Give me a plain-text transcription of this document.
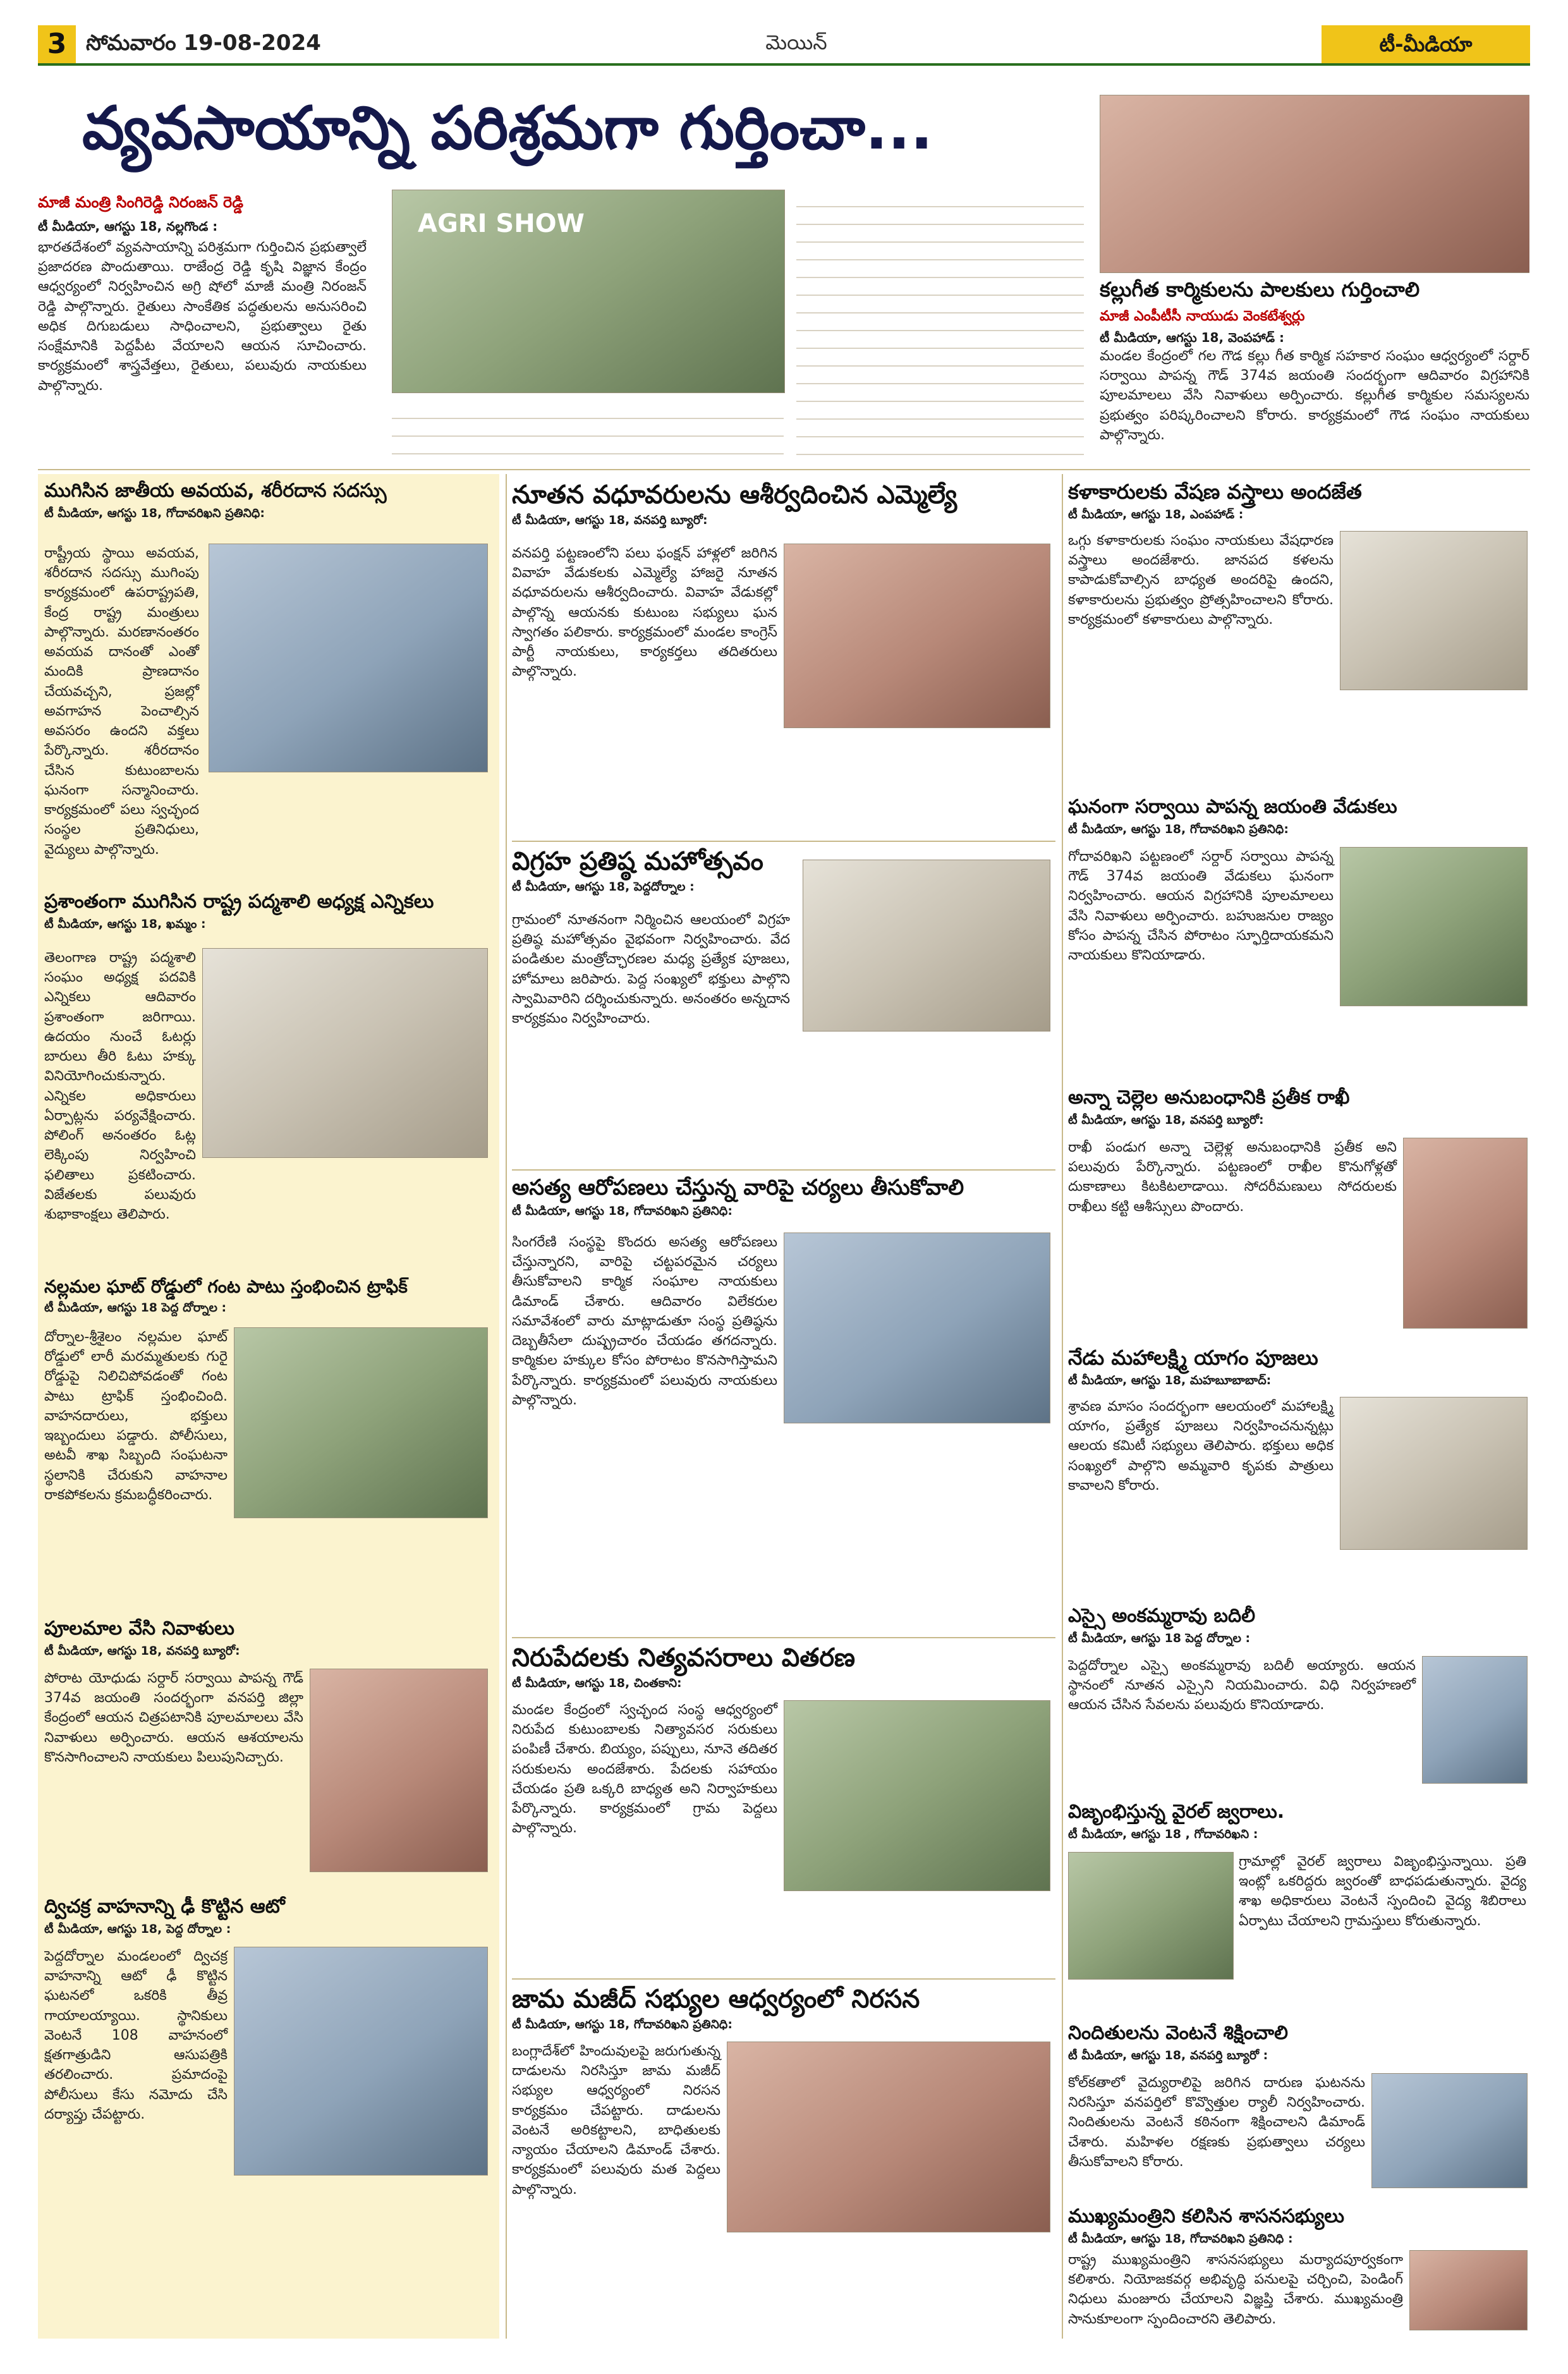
3 సోమవారం 19-08-2024	మెయిన్	టీ-మీడియా
వ్యవసాయాన్ని పరిశ్రమగా గుర్తించా...
మాజీ మంత్రి సింగిరెడ్డి నిరంజన్ రెడ్డి
టీ మీడియా, ఆగస్టు 18, నల్లగొండ :
భారతదేశంలో వ్యవసాయాన్ని పరిశ్రమగా గుర్తించిన ప్రభుత్వాలే ప్రజాదరణ పొందుతాయి. రాజేంద్ర రెడ్డి కృషి విజ్ఞాన కేంద్రం ఆధ్వర్యంలో నిర్వహించిన అగ్రి షోలో మాజీ మంత్రి నిరంజన్ రెడ్డి పాల్గొన్నారు. రైతులు సాంకేతిక పద్ధతులను అనుసరించి అధిక దిగుబడులు సాధించాలని, ప్రభుత్వాలు రైతు సంక్షేమానికి పెద్దపీట వేయాలని ఆయన సూచించారు. కార్యక్రమంలో శాస్త్రవేత్తలు, రైతులు, పలువురు నాయకులు పాల్గొన్నారు.
AGRI SHOW
కల్లుగీత కార్మికులను పాలకులు గుర్తించాలి
మాజీ ఎంపీటీసీ నాయుడు వెంకటేశ్వర్లు
టీ మీడియా, ఆగస్టు 18, వెంపహాడ్ :
మండల కేంద్రంలో గల గౌడ కల్లు గీత కార్మిక సహకార సంఘం ఆధ్వర్యంలో సర్దార్ సర్వాయి పాపన్న గౌడ్ 374వ జయంతి సందర్భంగా ఆదివారం విగ్రహానికి పూలమాలలు వేసి నివాళులు అర్పించారు. కల్లుగీత కార్మికుల సమస్యలను ప్రభుత్వం పరిష్కరించాలని కోరారు. కార్యక్రమంలో గౌడ సంఘం నాయకులు పాల్గొన్నారు.
ముగిసిన జాతీయ అవయవ, శరీరదాన సదస్సు
టీ మీడియా, ఆగస్టు 18, గోదావరిఖని ప్రతినిధి:
రాష్ట్రీయ స్థాయి అవయవ, శరీరదాన సదస్సు ముగింపు కార్యక్రమంలో ఉపరాష్ట్రపతి, కేంద్ర రాష్ట్ర మంత్రులు పాల్గొన్నారు. మరణానంతరం అవయవ దానంతో ఎంతో మందికి ప్రాణదానం చేయవచ్చని, ప్రజల్లో అవగాహన పెంచాల్సిన అవసరం ఉందని వక్తలు పేర్కొన్నారు. శరీరదానం చేసిన కుటుంబాలను ఘనంగా సన్మానించారు. కార్యక్రమంలో పలు స్వచ్ఛంద సంస్థల ప్రతినిధులు, వైద్యులు పాల్గొన్నారు.
ప్రశాంతంగా ముగిసిన రాష్ట్ర పద్మశాలి అధ్యక్ష ఎన్నికలు
టీ మీడియా, ఆగస్టు 18, ఖమ్మం :
తెలంగాణ రాష్ట్ర పద్మశాలి సంఘం అధ్యక్ష పదవికి ఎన్నికలు ఆదివారం ప్రశాంతంగా జరిగాయి. ఉదయం నుంచే ఓటర్లు బారులు తీరి ఓటు హక్కు వినియోగించుకున్నారు. ఎన్నికల అధికారులు ఏర్పాట్లను పర్యవేక్షించారు. పోలింగ్ అనంతరం ఓట్ల లెక్కింపు నిర్వహించి ఫలితాలు ప్రకటించారు. విజేతలకు పలువురు శుభాకాంక్షలు తెలిపారు.
నల్లమల ఘాట్ రోడ్డులో గంట పాటు స్తంభించిన ట్రాఫిక్
టీ మీడియా, ఆగస్టు 18 పెద్ద దోర్నాల :
దోర్నాల-శ్రీశైలం నల్లమల ఘాట్ రోడ్డులో లారీ మరమ్మతులకు గురై రోడ్డుపై నిలిచిపోవడంతో గంట పాటు ట్రాఫిక్ స్తంభించింది. వాహనదారులు, భక్తులు ఇబ్బందులు పడ్డారు. పోలీసులు, అటవీ శాఖ సిబ్బంది సంఘటనా స్థలానికి చేరుకుని వాహనాల రాకపోకలను క్రమబద్ధీకరించారు.
పూలమాల వేసి నివాళులు
టీ మీడియా, ఆగస్టు 18, వనపర్తి బ్యూరో:
పోరాట యోధుడు సర్దార్ సర్వాయి పాపన్న గౌడ్ 374వ జయంతి సందర్భంగా వనపర్తి జిల్లా కేంద్రంలో ఆయన చిత్రపటానికి పూలమాలలు వేసి నివాళులు అర్పించారు. ఆయన ఆశయాలను కొనసాగించాలని నాయకులు పిలుపునిచ్చారు.
ద్విచక్ర వాహనాన్ని ఢీ కొట్టిన ఆటో
టీ మీడియా, ఆగస్టు 18, పెద్ద దోర్నాల :
పెద్దదోర్నాల మండలంలో ద్విచక్ర వాహనాన్ని ఆటో ఢీ కొట్టిన ఘటనలో ఒకరికి తీవ్ర గాయాలయ్యాయి. స్థానికులు వెంటనే 108 వాహనంలో క్షతగాత్రుడిని ఆసుపత్రికి తరలించారు. ప్రమాదంపై పోలీసులు కేసు నమోదు చేసి దర్యాప్తు చేపట్టారు.
నూతన వధూవరులను ఆశీర్వదించిన ఎమ్మెల్యే
టీ మీడియా, ఆగస్టు 18, వనపర్తి బ్యూరో:
వనపర్తి పట్టణంలోని పలు ఫంక్షన్ హాళ్లలో జరిగిన వివాహ వేడుకలకు ఎమ్మెల్యే హాజరై నూతన వధూవరులను ఆశీర్వదించారు. వివాహ వేడుకల్లో పాల్గొన్న ఆయనకు కుటుంబ సభ్యులు ఘన స్వాగతం పలికారు. కార్యక్రమంలో మండల కాంగ్రెస్ పార్టీ నాయకులు, కార్యకర్తలు తదితరులు పాల్గొన్నారు.
విగ్రహ ప్రతిష్ఠ మహోత్సవం
టీ మీడియా, ఆగస్టు 18, పెద్దదోర్నాల :
గ్రామంలో నూతనంగా నిర్మించిన ఆలయంలో విగ్రహ ప్రతిష్ఠ మహోత్సవం వైభవంగా నిర్వహించారు. వేద పండితుల మంత్రోచ్ఛారణల మధ్య ప్రత్యేక పూజలు, హోమాలు జరిపారు. పెద్ద సంఖ్యలో భక్తులు పాల్గొని స్వామివారిని దర్శించుకున్నారు. అనంతరం అన్నదాన కార్యక్రమం నిర్వహించారు.
అసత్య ఆరోపణలు చేస్తున్న వారిపై చర్యలు తీసుకోవాలి
టీ మీడియా, ఆగస్టు 18, గోదావరిఖని ప్రతినిధి:
సింగరేణి సంస్థపై కొందరు అసత్య ఆరోపణలు చేస్తున్నారని, వారిపై చట్టపరమైన చర్యలు తీసుకోవాలని కార్మిక సంఘాల నాయకులు డిమాండ్ చేశారు. ఆదివారం విలేకరుల సమావేశంలో వారు మాట్లాడుతూ సంస్థ ప్రతిష్ఠను దెబ్బతీసేలా దుష్ప్రచారం చేయడం తగదన్నారు. కార్మికుల హక్కుల కోసం పోరాటం కొనసాగిస్తామని పేర్కొన్నారు. కార్యక్రమంలో పలువురు నాయకులు పాల్గొన్నారు.
నిరుపేదలకు నిత్యవసరాలు వితరణ
టీ మీడియా, ఆగస్టు 18, చింతకాని:
మండల కేంద్రంలో స్వచ్ఛంద సంస్థ ఆధ్వర్యంలో నిరుపేద కుటుంబాలకు నిత్యావసర సరుకులు పంపిణీ చేశారు. బియ్యం, పప్పులు, నూనె తదితర సరుకులను అందజేశారు. పేదలకు సహాయం చేయడం ప్రతి ఒక్కరి బాధ్యత అని నిర్వాహకులు పేర్కొన్నారు. కార్యక్రమంలో గ్రామ పెద్దలు పాల్గొన్నారు.
జామ మజీద్ సభ్యుల ఆధ్వర్యంలో నిరసన
టీ మీడియా, ఆగస్టు 18, గోదావరిఖని ప్రతినిధి:
బంగ్లాదేశ్‌లో హిందువులపై జరుగుతున్న దాడులను నిరసిస్తూ జామ మజీద్ సభ్యుల ఆధ్వర్యంలో నిరసన కార్యక్రమం చేపట్టారు. దాడులను వెంటనే అరికట్టాలని, బాధితులకు న్యాయం చేయాలని డిమాండ్ చేశారు. కార్యక్రమంలో పలువురు మత పెద్దలు పాల్గొన్నారు.
కళాకారులకు వేషణ వస్త్రాలు అందజేత
టీ మీడియా, ఆగస్టు 18, ఎంపహాడ్ :
ఒగ్గు కళాకారులకు సంఘం నాయకులు వేషధారణ వస్త్రాలు అందజేశారు. జానపద కళలను కాపాడుకోవాల్సిన బాధ్యత అందరిపై ఉందని, కళాకారులను ప్రభుత్వం ప్రోత్సహించాలని కోరారు. కార్యక్రమంలో కళాకారులు పాల్గొన్నారు.
ఘనంగా సర్వాయి పాపన్న జయంతి వేడుకలు
టీ మీడియా, ఆగస్టు 18, గోదావరిఖని ప్రతినిధి:
గోదావరిఖని పట్టణంలో సర్దార్ సర్వాయి పాపన్న గౌడ్ 374వ జయంతి వేడుకలు ఘనంగా నిర్వహించారు. ఆయన విగ్రహానికి పూలమాలలు వేసి నివాళులు అర్పించారు. బహుజనుల రాజ్యం కోసం పాపన్న చేసిన పోరాటం స్ఫూర్తిదాయకమని నాయకులు కొనియాడారు.
అన్నా చెల్లెల అనుబంధానికి ప్రతీక రాఖీ
టీ మీడియా, ఆగస్టు 18, వనపర్తి బ్యూరో:
రాఖీ పండుగ అన్నా చెల్లెళ్ల అనుబంధానికి ప్రతీక అని పలువురు పేర్కొన్నారు. పట్టణంలో రాఖీల కొనుగోళ్లతో దుకాణాలు కిటకిటలాడాయి. సోదరీమణులు సోదరులకు రాఖీలు కట్టి ఆశీస్సులు పొందారు.
నేడు మహాలక్ష్మి యాగం పూజలు
టీ మీడియా, ఆగస్టు 18, మహబూబాబాద్:
శ్రావణ మాసం సందర్భంగా ఆలయంలో మహాలక్ష్మి యాగం, ప్రత్యేక పూజలు నిర్వహించనున్నట్లు ఆలయ కమిటీ సభ్యులు తెలిపారు. భక్తులు అధిక సంఖ్యలో పాల్గొని అమ్మవారి కృపకు పాత్రులు కావాలని కోరారు.
ఎస్సై అంకమ్మరావు బదిలీ
టీ మీడియా, ఆగస్టు 18 పెద్ద దోర్నాల :
పెద్దదోర్నాల ఎస్సై అంకమ్మరావు బదిలీ అయ్యారు. ఆయన స్థానంలో నూతన ఎస్సైని నియమించారు. విధి నిర్వహణలో ఆయన చేసిన సేవలను పలువురు కొనియాడారు.
విజృంభిస్తున్న వైరల్ జ్వరాలు.
టీ మీడియా, ఆగస్టు 18 , గోదావరిఖని :
గ్రామాల్లో వైరల్ జ్వరాలు విజృంభిస్తున్నాయి. ప్రతి ఇంట్లో ఒకరిద్దరు జ్వరంతో బాధపడుతున్నారు. వైద్య శాఖ అధికారులు వెంటనే స్పందించి వైద్య శిబిరాలు ఏర్పాటు చేయాలని గ్రామస్తులు కోరుతున్నారు.
నిందితులను వెంటనే శిక్షించాలి
టీ మీడియా, ఆగస్టు 18, వనపర్తి బ్యూరో :
కోల్‌కతాలో వైద్యురాలిపై జరిగిన దారుణ ఘటనను నిరసిస్తూ వనపర్తిలో కొవ్వొత్తుల ర్యాలీ నిర్వహించారు. నిందితులను వెంటనే కఠినంగా శిక్షించాలని డిమాండ్ చేశారు. మహిళల రక్షణకు ప్రభుత్వాలు చర్యలు తీసుకోవాలని కోరారు.
ముఖ్యమంత్రిని కలిసిన శాసనసభ్యులు
టీ మీడియా, ఆగస్టు 18, గోదావరిఖని ప్రతినిధి :
రాష్ట్ర ముఖ్యమంత్రిని శాసనసభ్యులు మర్యాదపూర్వకంగా కలిశారు. నియోజకవర్గ అభివృద్ధి పనులపై చర్చించి, పెండింగ్ నిధులు మంజూరు చేయాలని విజ్ఞప్తి చేశారు. ముఖ్యమంత్రి సానుకూలంగా స్పందించారని తెలిపారు.
